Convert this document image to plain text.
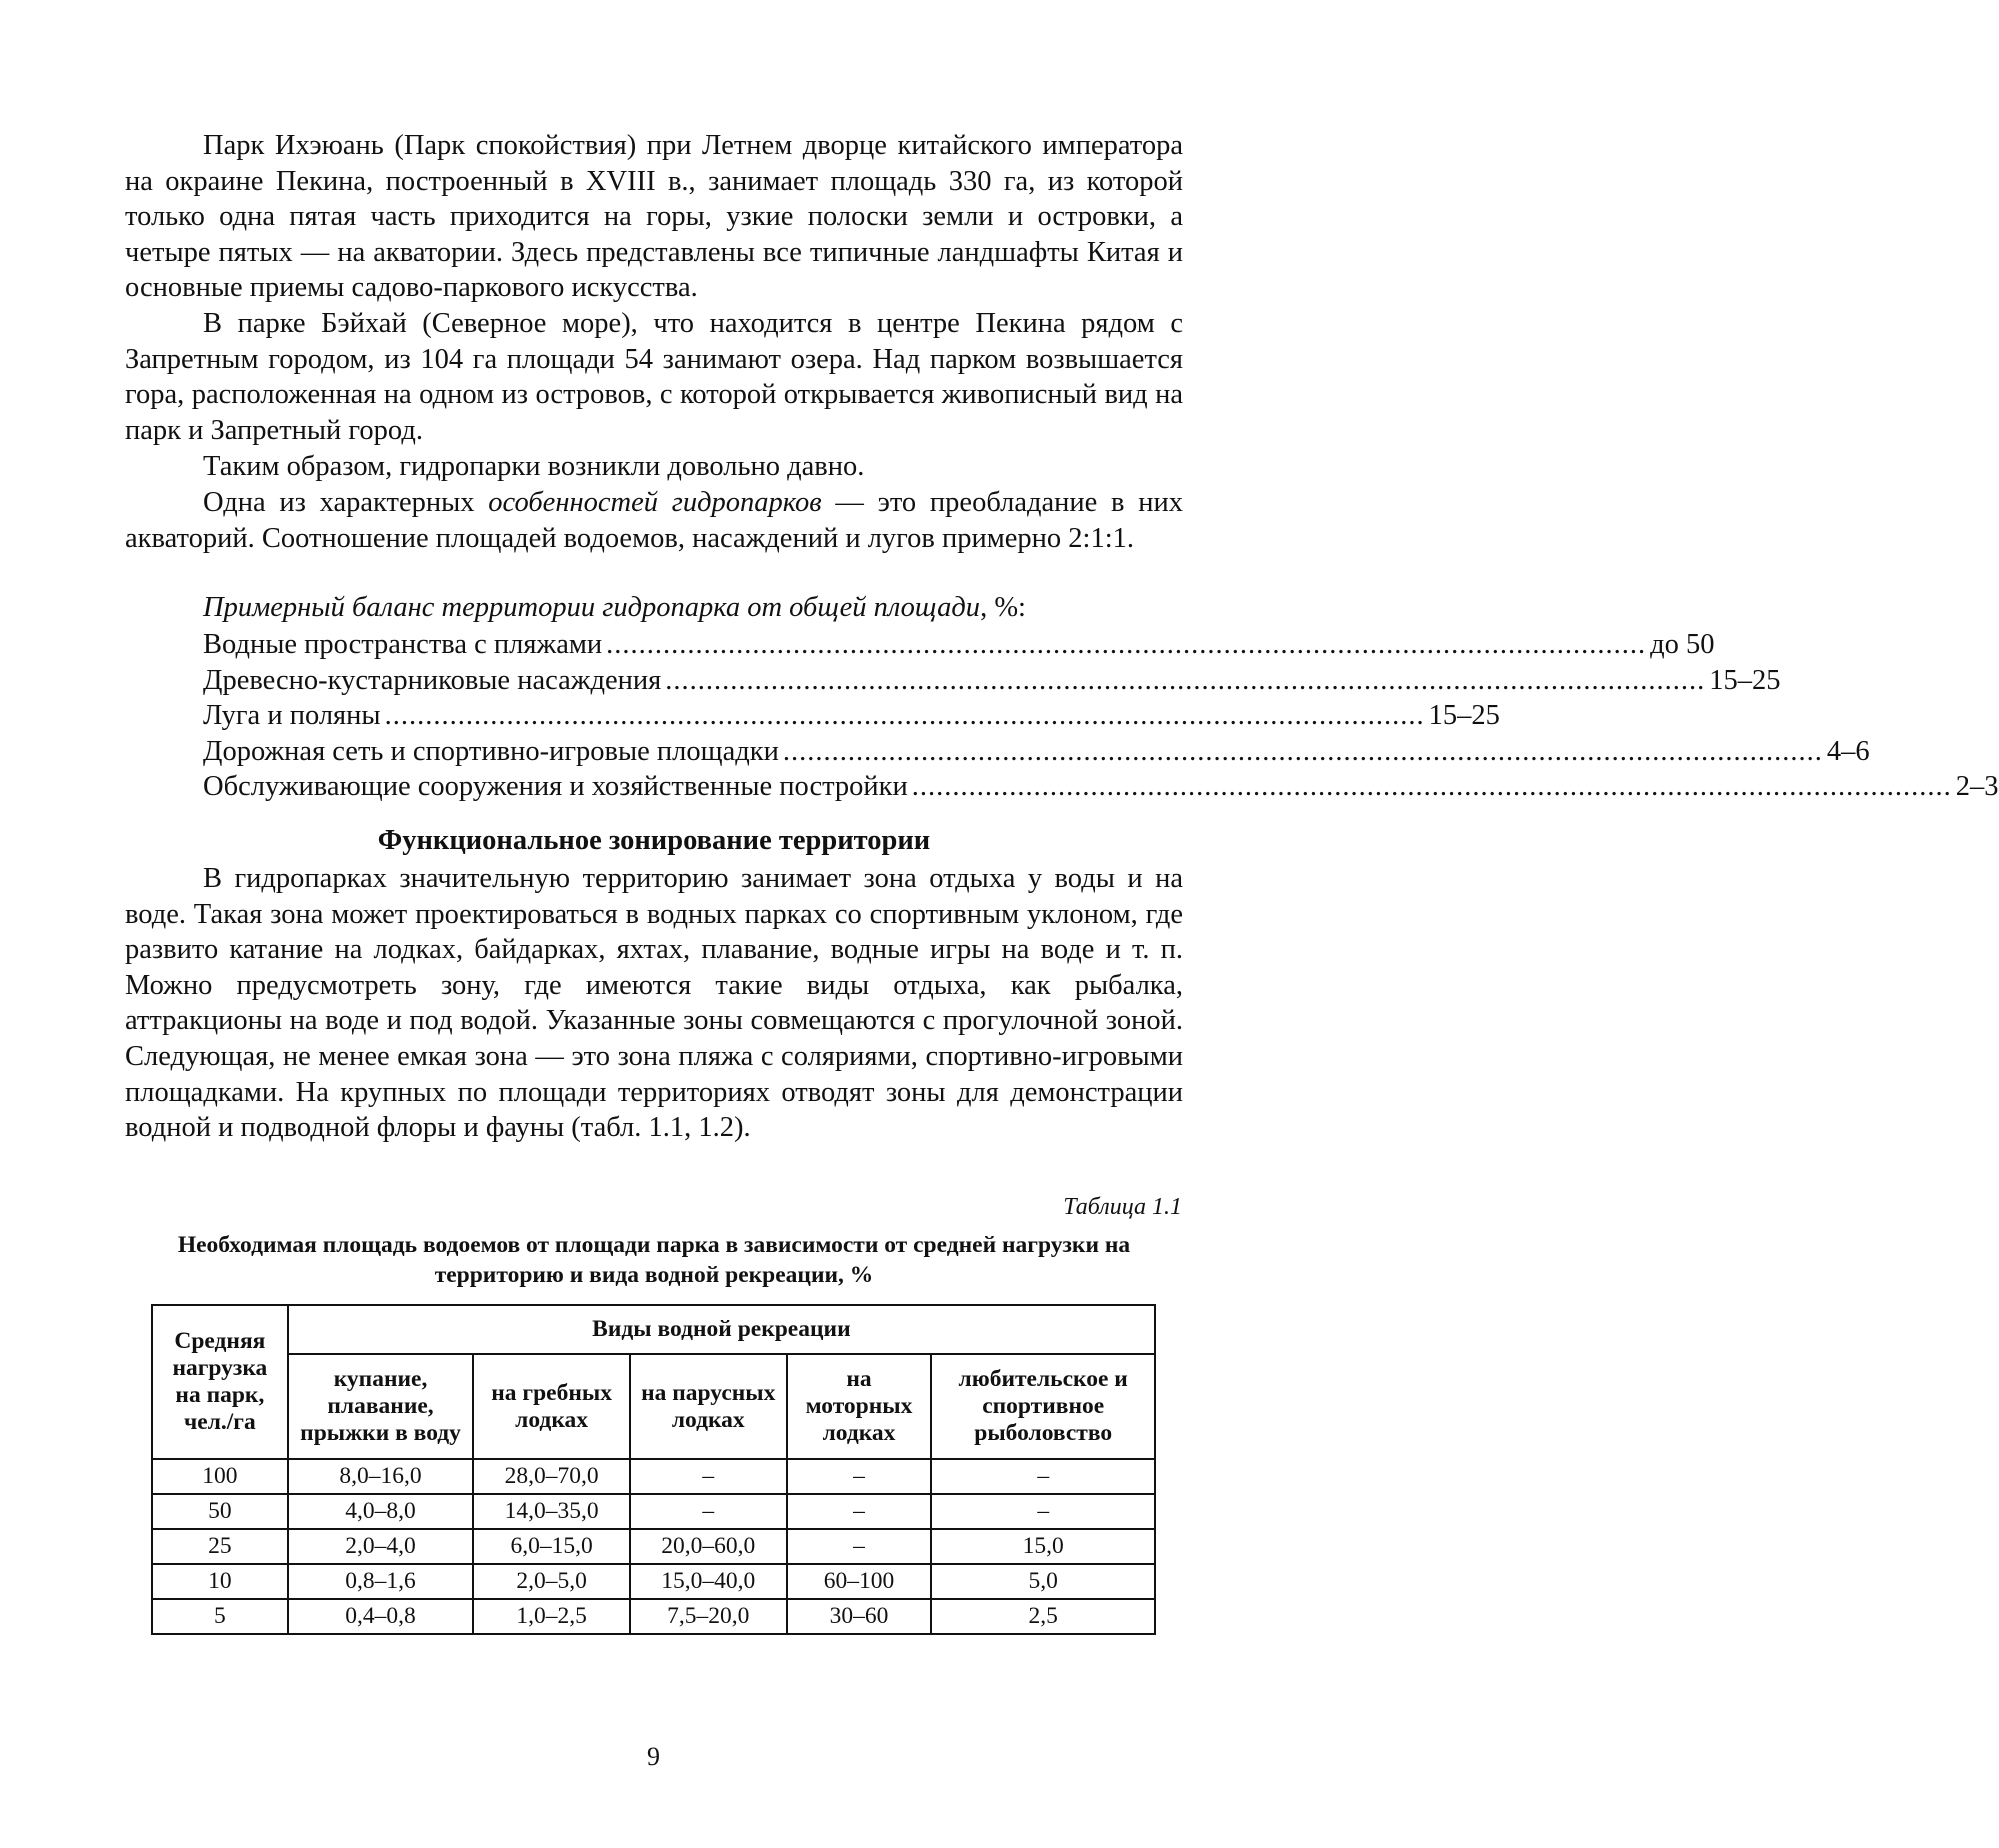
Парк Ихэюань (Парк спокойствия) при Летнем дворце китайского императора на окраине Пекина, построенный в XVIII в., занимает площадь 330 га, из которой только одна пятая часть приходится на горы, узкие полоски земли и островки, а четыре пятых — на акватории. Здесь представлены все типичные ландшафты Китая и основные приемы садово-паркового искусства.

В парке Бэйхай (Северное море), что находится в центре Пекина рядом с Запретным городом, из 104 га площади 54 занимают озера. Над парком возвышается гора, расположенная на одном из островов, с которой открывается живописный вид на парк и Запретный город.

Таким образом, гидропарки возникли довольно давно.

Одна из характерных особенностей гидропарков — это преобладание в них акваторий. Соотношение площадей водоемов, насаждений и лугов примерно 2:1:1.

Примерный баланс территории гидропарка от общей площади, %:

Водные пространства с пляжами ................................................................................................................................ до 50
Древесно-кустарниковые насаждения ................................................................................................................................ 15–25
Луга и поляны ................................................................................................................................ 15–25
Дорожная сеть и спортивно-игровые площадки ................................................................................................................................ 4–6
Обслуживающие сооружения и хозяйственные постройки ................................................................................................................................ 2–3
Функциональное зонирование территории

В гидропарках значительную территорию занимает зона отдыха у воды и на воде. Такая зона может проектироваться в водных парках со спортивным уклоном, где развито катание на лодках, байдарках, яхтах, плавание, водные игры на воде и т. п. Можно предусмотреть зону, где имеются такие виды отдыха, как рыбалка, аттракционы на воде и под водой. Указанные зоны совмещаются с прогулочной зоной. Следующая, не менее емкая зона — это зона пляжа с соляриями, спортивно-игровыми площадками. На крупных по площади территориях отводят зоны для демонстрации водной и подводной флоры и фауны (табл. 1.1, 1.2).

Таблица 1.1

Необходимая площадь водоемов от площади парка в зависимости от средней нагрузки на территорию и вида водной рекреации, %

Средняя нагрузка на парк, чел./га	Виды водной рекреации				
	купание, плавание, прыжки в воду	на гребных лодках	на парусных лодках	на моторных лодках	любительское и спортивное рыболовство
100	8,0–16,0	28,0–70,0	–	–	–
50	4,0–8,0	14,0–35,0	–	–	–
25	2,0–4,0	6,0–15,0	20,0–60,0	–	15,0
10	0,8–1,6	2,0–5,0	15,0–40,0	60–100	5,0
5	0,4–0,8	1,0–2,5	7,5–20,0	30–60	2,5

9
